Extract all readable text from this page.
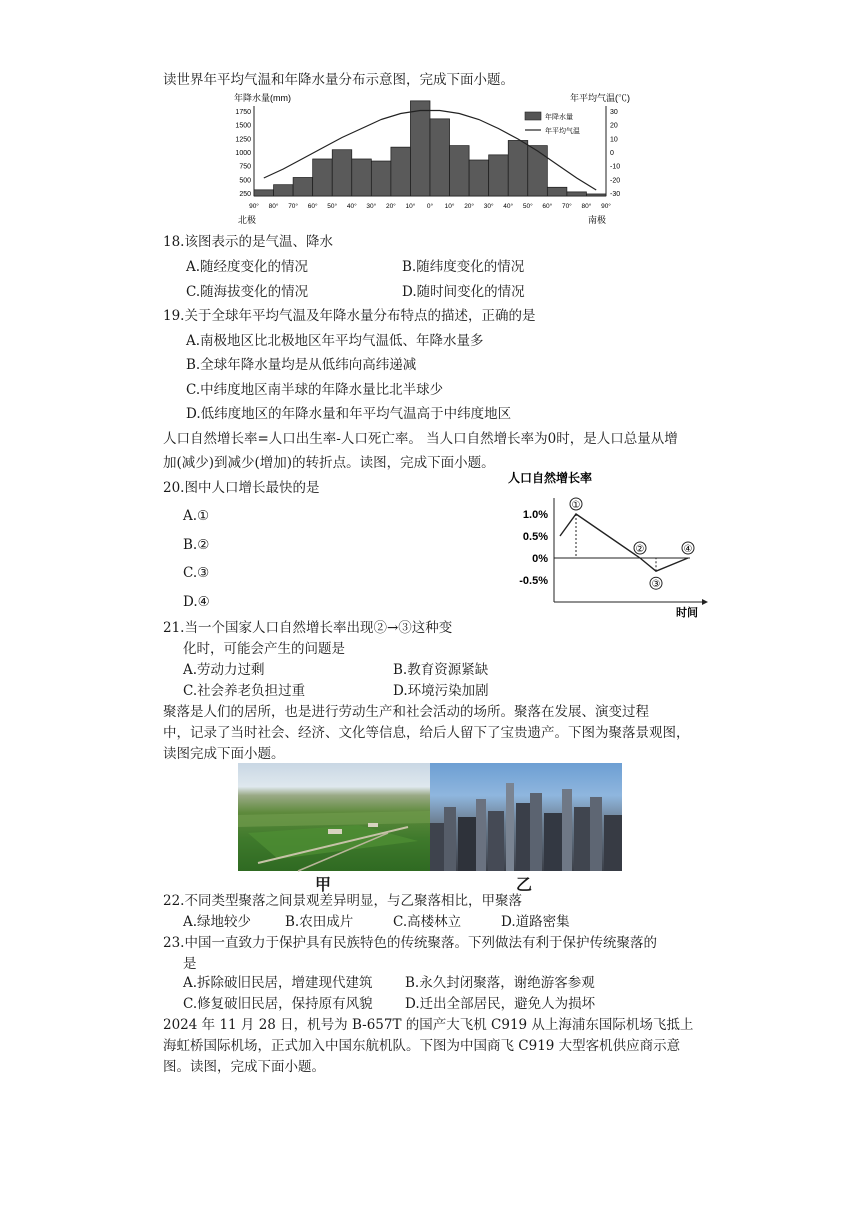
读世界年平均气温和年降水量分布示意图，完成下面小题。
年降水量(mm)	年平均气温(℃)
1750
1500
1250
1000
750
500
250
30
20
10
0
-10
-20
-30
90° 80° 70° 60° 50° 40° 30° 20° 10° 0° 10° 20° 30° 40° 50° 60° 70° 80° 90°
北极	南极
年降水量
年平均气温
18.该图表示的是气温、降水
A.随经度变化的情况	B.随纬度变化的情况
C.随海拔变化的情况	D.随时间变化的情况
19.关于全球年平均气温及年降水量分布特点的描述，正确的是
A.南极地区比北极地区年平均气温低、年降水量多
B.全球年降水量均是从低纬向高纬递减
C.中纬度地区南半球的年降水量比北半球少
D.低纬度地区的年降水量和年平均气温高于中纬度地区
人口自然增长率=人口出生率-人口死亡率。 当人口自然增长率为0时，是人口总量从增
加(减少)到减少(增加)的转折点。读图，完成下面小题。
人口自然增长率
1.0%
0.5%
0%
-0.5%
①
②
③
④
时间
20.图中人口增长最快的是
A.①
B.②
C.③
D.④
21.当一个国家人口自然增长率出现②→③这种变
化时，可能会产生的问题是
A.劳动力过剩	B.教育资源紧缺
C.社会养老负担过重	D.环境污染加剧
聚落是人们的居所，也是进行劳动生产和社会活动的场所。聚落在发展、演变过程
中，记录了当时社会、经济、文化等信息，给后人留下了宝贵遗产。下图为聚落景观图，
读图完成下面小题。
甲	乙
22.不同类型聚落之间景观差异明显，与乙聚落相比，甲聚落
A.绿地较少	B.农田成片	C.高楼林立	D.道路密集
23.中国一直致力于保护具有民族特色的传统聚落。下列做法有利于保护传统聚落的
是
A.拆除破旧民居，增建现代建筑 B.永久封闭聚落，谢绝游客参观
C.修复破旧民居，保持原有风貌 D.迁出全部居民，避免人为损坏
2024 年 11 月 28 日，机号为 B-657T 的国产大飞机 C919 从上海浦东国际机场飞抵上
海虹桥国际机场，正式加入中国东航机队。下图为中国商飞 C919 大型客机供应商示意
图。读图，完成下面小题。
